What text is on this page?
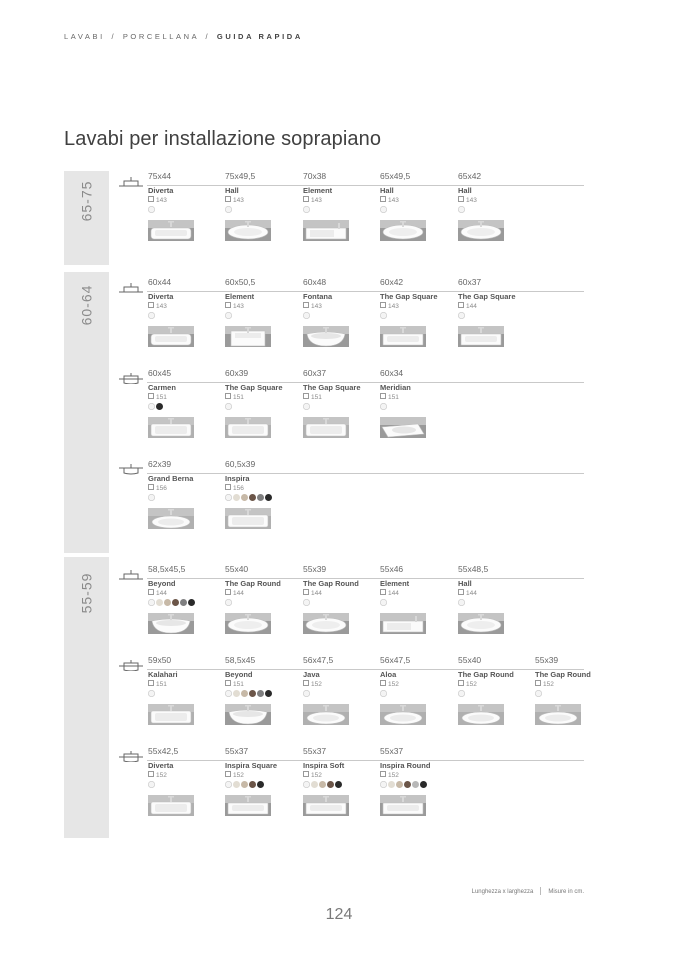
LAVABI / PORCELLANA / GUIDA RAPIDA
Lavabi per installazione soprapiano
65-75
75x44
Diverta
143
75x49,5
Hall
143
70x38
Element
143
65x49,5
Hall
143
65x42
Hall
143
60-64
60x44
Diverta
143
60x50,5
Element
143
60x48
Fontana
143
60x42
The Gap Square
143
60x37
The Gap Square
144
60x45
Carmen
151
60x39
The Gap Square
151
60x37
The Gap Square
151
60x34
Meridian
151
62x39
Grand Berna
156
60,5x39
Inspira
156
55-59
58,5x45,5
Beyond
144
55x40
The Gap Round
144
55x39
The Gap Round
144
55x46
Element
144
55x48,5
Hall
144
59x50
Kalahari
151
58,5x45
Beyond
151
56x47,5
Java
152
56x47,5
Aloa
152
55x40
The Gap Round
152
55x39
The Gap Round
152
55x42,5
Diverta
152
55x37
Inspira Square
152
55x37
Inspira Soft
152
55x37
Inspira Round
152
Lunghezza x larghezza	Misure in cm.
124
